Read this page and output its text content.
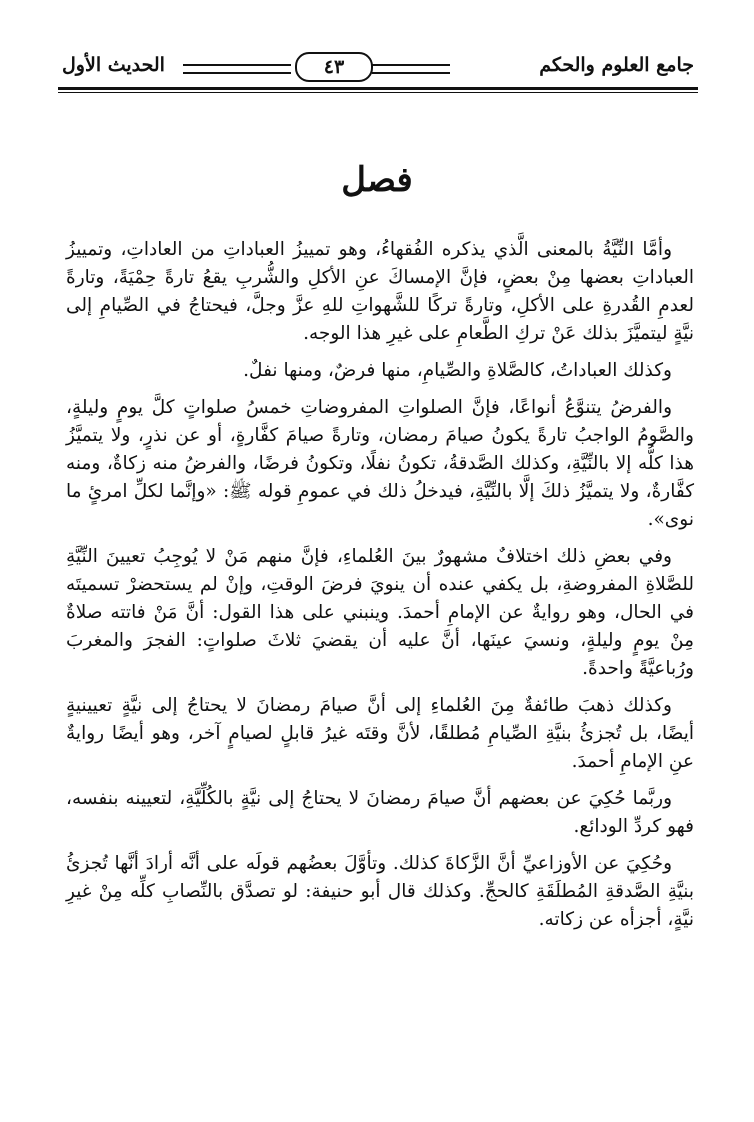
جامع العلوم والحكم
٤٣
الحديث الأول
فصل

وأمَّا النِّيَّةُ بالمعنى الَّذي يذكره الفُقهاءُ، وهو تمييزُ العباداتِ من العاداتِ، وتمييزُ العباداتِ بعضها مِنْ بعضٍ، فإنَّ الإمساكَ عنِ الأكلِ والشُّربِ يقعُ تارةً حِمْيَةً، وتارةً لعدمِ القُدرةِ على الأكلِ، وتارةً تركًا للشَّهواتِ للهِ عزَّ وجلَّ، فيحتاجُ في الصِّيامِ إلى نيَّةٍ ليتميَّزَ بذلك عَنْ تركِ الطَّعامِ على غيرِ هذا الوجه.

وكذلك العباداتُ، كالصَّلاةِ والصِّيامِ، منها فرضٌ، ومنها نفلٌ.

والفرضُ يتنوَّعُ أنواعًا، فإنَّ الصلواتِ المفروضاتِ خمسُ صلواتٍ كلَّ يومٍ وليلةٍ، والصَّومُ الواجبُ تارةً يكونُ صيامَ رمضان، وتارةً صيامَ كفَّارةٍ، أو عن نذرٍ، ولا يتميَّزُ هذا كلُّه إلا بالنِّيَّةِ، وكذلك الصَّدقةُ، تكونُ نفلًا، وتكونُ فرضًا، والفرضُ منه زكاةٌ، ومنه كفَّارةٌ، ولا يتميَّزُ ذلكَ إلَّا بالنِّيَّةِ، فيدخلُ ذلك في عمومِ قوله ﷺ: «وإنَّما لكلِّ امرئٍ ما نوى».

وفي بعضِ ذلك اختلافٌ مشهورٌ بينَ العُلماءِ، فإنَّ منهم مَنْ لا يُوجِبُ تعيينَ النِّيَّةِ للصَّلاةِ المفروضةِ، بل يكفي عنده أن ينويَ فرضَ الوقتِ، وإنْ لم يستحضرْ تسميتَه في الحال، وهو روايةٌ عن الإمامِ أحمدَ. وينبني على هذا القول: أنَّ مَنْ فاتته صلاةٌ مِنْ يومٍ وليلةٍ، ونسيَ عينَها، أنَّ عليه أن يقضيَ ثلاثَ صلواتٍ: الفجرَ والمغربَ ورُباعيَّةً واحدةً.

وكذلك ذهبَ طائفةٌ مِنَ العُلماءِ إلى أنَّ صيامَ رمضانَ لا يحتاجُ إلى نيَّةٍ تعيينيةٍ أيضًا، بل تُجزئُ بنيَّةِ الصِّيامِ مُطلقًا، لأنَّ وقتَه غيرُ قابلٍ لصيامٍ آخر، وهو أيضًا روايةٌ عنِ الإمامِ أحمدَ.

وربَّما حُكِيَ عن بعضهم أنَّ صيامَ رمضانَ لا يحتاجُ إلى نيَّةٍ بالكُلِّيَّةِ، لتعيينه بنفسه، فهو كردِّ الودائع.

وحُكِيَ عن الأوزاعيِّ أنَّ الزَّكاةَ كذلك. وتأوَّلَ بعضُهم قولَه على أنَّه أرادَ أنَّها تُجزئُ بنيَّةِ الصَّدقةِ المُطلَقَةِ كالحجِّ. وكذلك قال أبو حنيفة: لو تصدَّق بالنِّصابِ كلِّه مِنْ غيرِ نيَّةٍ، أجزأه عن زكاته.
